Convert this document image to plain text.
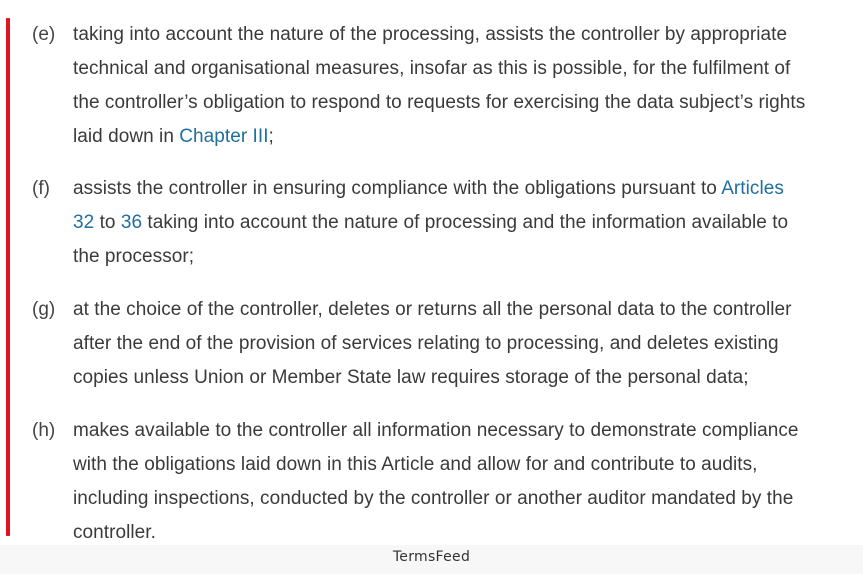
(e) taking into account the nature of the processing, assists the controller by appropriate
technical and organisational measures, insofar as this is possible, for the fulfilment of
the controller’s obligation to respond to requests for exercising the data subject’s rights
laid down in Chapter III;
(f) assists the controller in ensuring compliance with the obligations pursuant to Articles
32 to 36 taking into account the nature of processing and the information available to
the processor;
(g) at the choice of the controller, deletes or returns all the personal data to the controller
after the end of the provision of services relating to processing, and deletes existing
copies unless Union or Member State law requires storage of the personal data;
(h) makes available to the controller all information necessary to demonstrate compliance
with the obligations laid down in this Article and allow for and contribute to audits,
including inspections, conducted by the controller or another auditor mandated by the
controller.
TermsFeed
